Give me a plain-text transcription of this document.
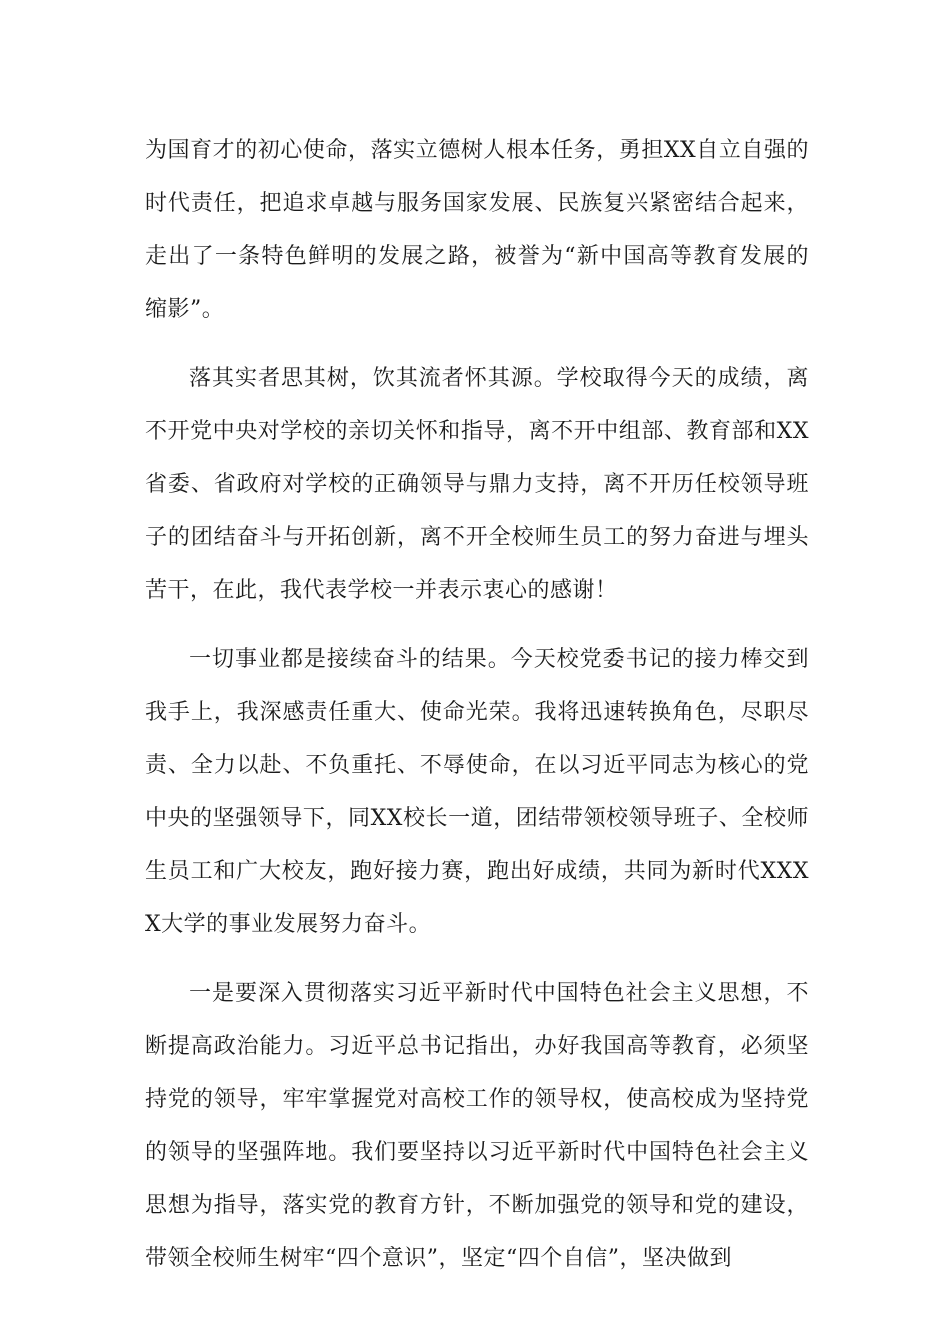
为国育才的初心使命，落实立德树人根本任务，勇担XX自立自强的时代责任，把追求卓越与服务国家发展、民族复兴紧密结合起来，走出了一条特色鲜明的发展之路，被誉为“新中国高等教育发展的缩影”。

落其实者思其树，饮其流者怀其源。学校取得今天的成绩，离不开党中央对学校的亲切关怀和指导，离不开中组部、教育部和XX省委、省政府对学校的正确领导与鼎力支持，离不开历任校领导班子的团结奋斗与开拓创新，离不开全校师生员工的努力奋进与埋头苦干，在此，我代表学校一并表示衷心的感谢！

一切事业都是接续奋斗的结果。今天校党委书记的接力棒交到我手上，我深感责任重大、使命光荣。我将迅速转换角色，尽职尽责、全力以赴、不负重托、不辱使命，在以习近平同志为核心的党中央的坚强领导下，同XX校长一道，团结带领校领导班子、全校师生员工和广大校友，跑好接力赛，跑出好成绩，共同为新时代XXXX大学的事业发展努力奋斗。

一是要深入贯彻落实习近平新时代中国特色社会主义思想，不断提高政治能力。习近平总书记指出，办好我国高等教育，必须坚持党的领导，牢牢掌握党对高校工作的领导权，使高校成为坚持党的领导的坚强阵地。我们要坚持以习近平新时代中国特色社会主义思想为指导，落实党的教育方针，不断加强党的领导和党的建设，带领全校师生树牢“四个意识”，坚定“四个自信”，坚决做到
